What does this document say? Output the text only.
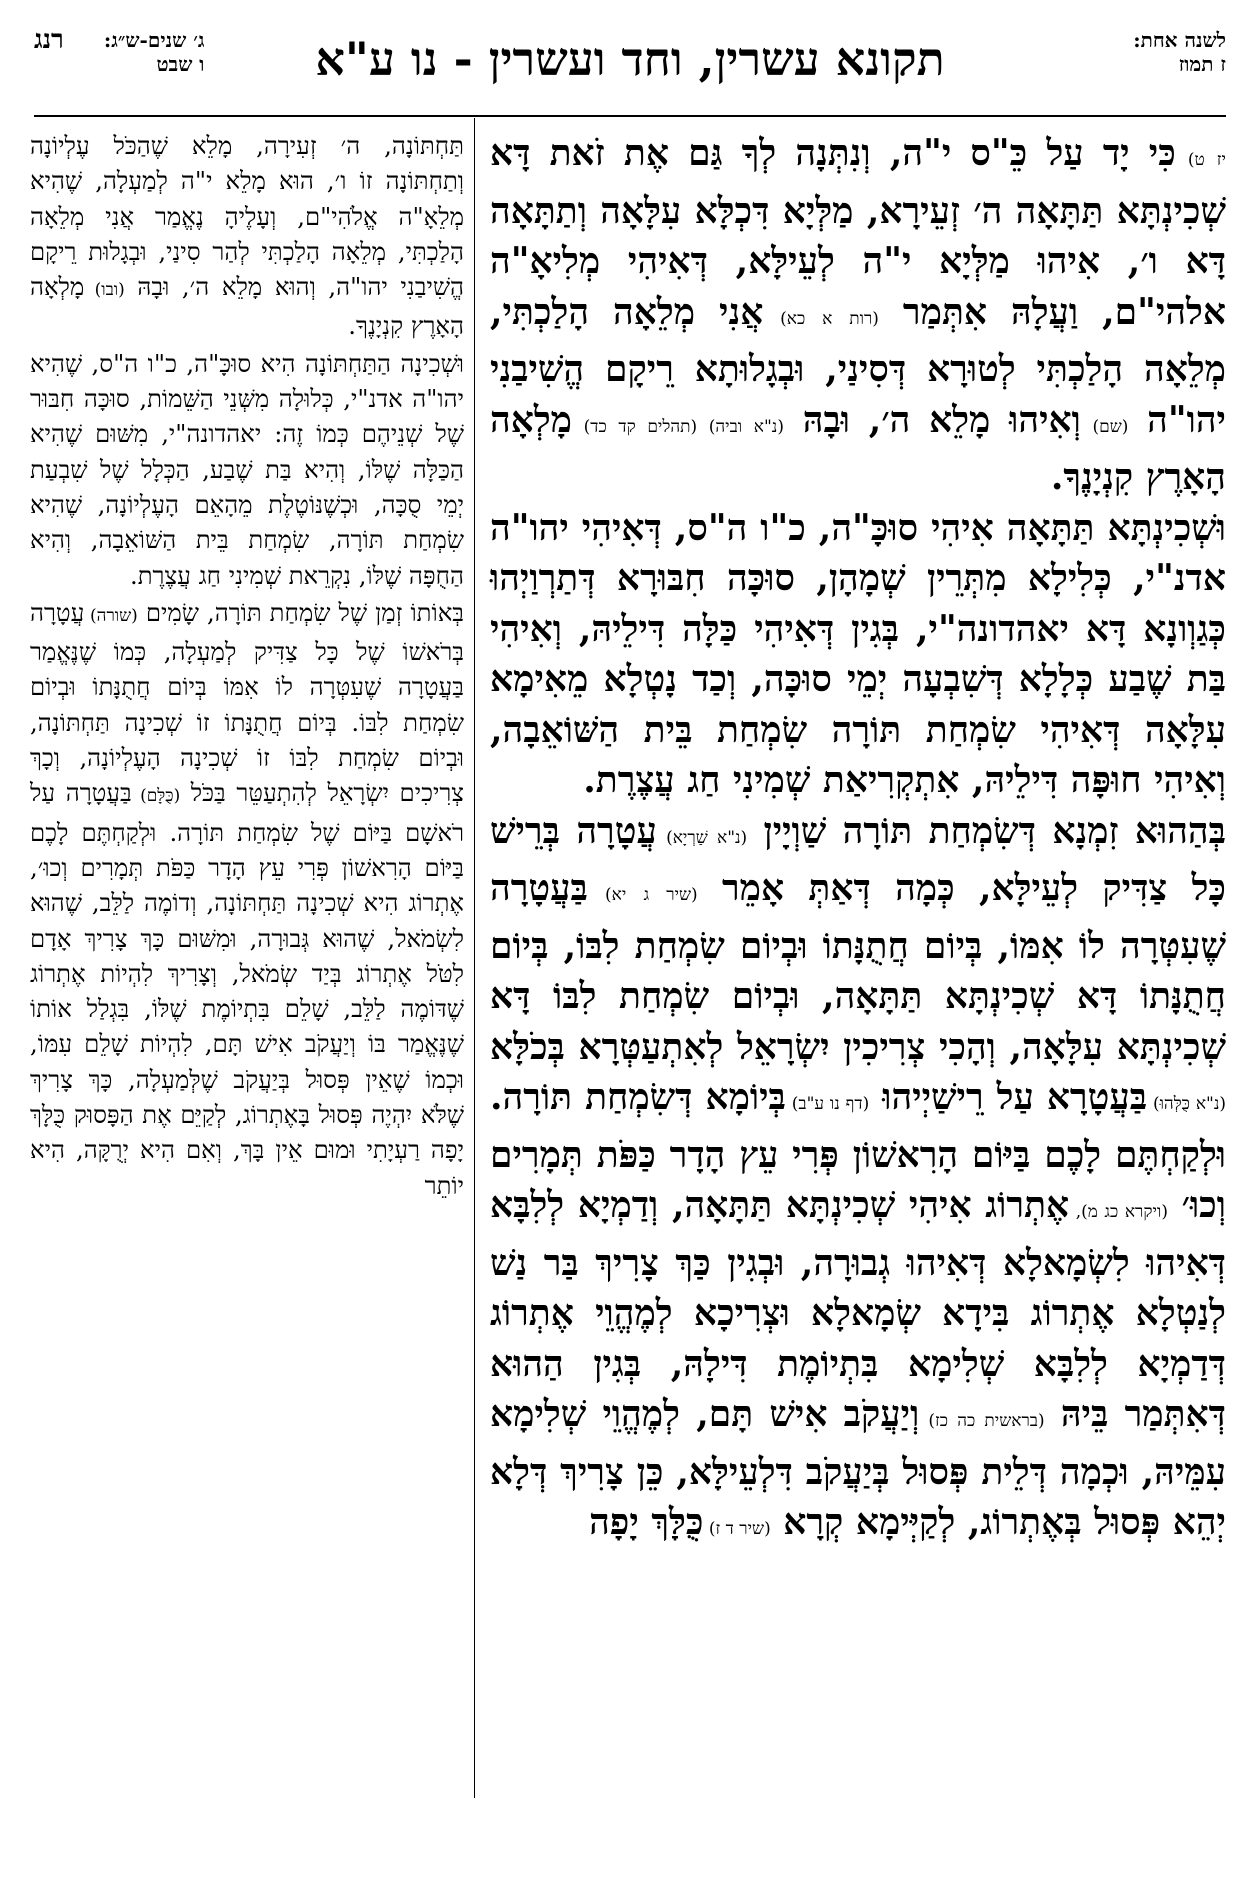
לשנה אחת:
ז תמוז
תקונא עשרין, וחד ועשרין - נו ע"א
רנג ג׳ שנים-ש״ג:
ו שבט

יז ט) כִּי יָד עַל כֵּ"ס י"ה, וְנִתְּנָה לְךָ גַּם אֶת זֹאת דָּא שְׁכִינְתָּא תַּתָּאָה ה׳ זְעֵירָא, מַלְּיָא דִּכְלָּא עִלָּאָה וְתַתָּאָה דָּא ו׳, אִיהוּ מַלְּיָא י"ה לְעֵילָּא, דְּאִיהִי מְלִיאָ"ה אלהי"ם, וַעֲלָהּ אִתְּמַר (רות א כא) אֲנִי מְלֵאָה הָלַכְתִּי, מְלֵאָה הָלַכְתִּי לְטוּרָא דְּסִינַי, וּבְגָלוּתָא רֵיקָם הֱשִׁיבַנִי יהו"ה (שם) וְאִיהוּ מָלֵא ה׳, וּבָהּ (נ"א וביה) (תהלים קד כד) מָלְאָה הָאָרֶץ קִנְיָנֶךָ.

וּשְׁכִינְתָּא תַּתָּאָה אִיהִי סוּכָּ"ה, כ"ו ה"ס, דְּאִיהִי יהו"ה אדנ"י, כְּלִילָא מִתְּרֵין שְׁמָהָן, סוּכָּה חִבּוּרָא דְּתַרְוַיְהוּ כְּגַוְונָא דָּא יאהדונה"י, בְּגִין דְּאִיהִי כַּלָּה דִּילֵיהּ, וְאִיהִי בַּת שֶׁבַע כְּלָלָא דְּשִׁבְעָה יְמֵי סוּכָּה, וְכַד נָטְלָא מֵאִימָא עִלָּאָה דְּאִיהִי שִׂמְחַת תּוֹרָה שִׂמְחַת בֵּית הַשּׁוֹאֵבָה, וְאִיהִי חוּפָּה דִּילֵיהּ, אִתְקְרִיאַת שְׁמִינִי חַג עֲצֶרֶת.

בְּהַהוּא זִמְנָא דְּשִׂמְחַת תּוֹרָה שַׁוְיָין (נ"א שַׁרְיָא) עֲטָרָה בְּרֵישׁ כָּל צַדִּיק לְעֵילָּא, כְּמָה דְּאַתְּ אָמֵר (שיר ג יא) בַּעֲטָרָה שֶׁעִטְּרָה לוֹ אִמּוֹ, בְּיוֹם חֲתֻנָּתוֹ וּבְיוֹם שִׂמְחַת לִבּוֹ, בְּיוֹם חֲתֻנָּתוֹ דָּא שְׁכִינְתָּא תַּתָּאָה, וּבְיוֹם שִׂמְחַת לִבּוֹ דָּא שְׁכִינְתָּא עִלָּאָה, וְהָכִי צְרִיכִין יִשְׂרָאֵל לְאִתְעַטְּרָא בְּכֹלָּא (נ"א כֻּלְּהוּ) בַּעֲטָרָא עַל רֵישַׁיְיהוּ (דף נו ע"ב) בְּיוֹמָא דְּשִׂמְחַת תּוֹרָה. וּלְקַחְתֶּם לָכֶם בַּיּוֹם הָרִאשׁוֹן פְּרִי עֵץ הָדָר כַּפֹּת תְּמָרִים וְכוּ׳ (ויקרא כג מ), אֶתְרוֹג אִיהִי שְׁכִינְתָּא תַּתָּאָה, וְדַמְיָא לְלִבָּא דְּאִיהוּ לִשְׂמָאלָא דְּאִיהוּ גְבוּרָה, וּבְגִין כַּךְ צָרִיךְ בַּר נַשׁ לְנַטְלָא אֶתְרוֹג בִּידָא שְׂמָאלָא וּצְרִיכָא לְמֶהֱוֵי אֶתְרוֹג דְּדַמְיָא לְלִבָּא שְׁלִימָא בִּתְיוֹמֶת דִּילָהּ, בְּגִין הַהוּא דְּאִתְּמַר בֵּיהּ (בראשית כה כז) וְיַעֲקֹב אִישׁ תָּם, לְמֶהֱוֵי שְׁלִימָא עִמֵּיהּ, וּכְמָה דְּלֵית פְּסוּל בְּיַעֲקֹב דִּלְעֵילָּא, כֵּן צָרִיךְ דְּלָא יְהֵא פְּסוּל בְּאֶתְרוֹג, לְקַיְּימָא קְרָא (שיר ד ז) כֻּלָּךְ יָפָה

תַּחְתּוֹנָה, ה׳ זְעִירָה, מָלֵא שֶׁהַכֹּל עֶלְיוֹנָה וְתַחְתּוֹנָה זוֹ ו׳, הוּא מָלֵא י"ה לְמַעְלָה, שֶׁהִיא מְלֵאָ"ה אֱלֹהִי"ם, וְעָלֶיהָ נֶאֱמַר אֲנִי מְלֵאָה הָלַכְתִּי, מְלֵאָה הָלַכְתִּי לְהַר סִינַי, וּבְגָלוּת רֵיקָם הֱשִׁיבַנִי יהו"ה, וְהוּא מָלֵא ה׳, וּבָהּ (ובו) מָלְאָה הָאָרֶץ קִנְיָנֶךָ.

וּשְׁכִינָה הַתַּחְתּוֹנָה הִיא סוּכָּ"ה, כ"ו ה"ס, שֶׁהִיא יהו"ה אדנ"י, כְּלוּלָה מִשְּׁנֵי הַשֵּׁמוֹת, סוּכָּה חִבּוּר שֶׁל שְׁנֵיהֶם כְּמוֹ זֶה: יאהדונה"י, מִשּׁוּם שֶׁהִיא הַכַּלָּה שֶׁלּוֹ, וְהִיא בַּת שֶׁבַע, הַכְּלָל שֶׁל שִׁבְעַת יְמֵי סֻכָּה, וּכְשֶׁנּוֹטֶלֶת מֵהָאֵם הָעֶלְיוֹנָה, שֶׁהִיא שִׂמְחַת תּוֹרָה, שִׂמְחַת בֵּית הַשּׁוֹאֵבָה, וְהִיא הַחֻפָּה שֶׁלּוֹ, נִקְרֵאת שְׁמִינִי חַג עֲצֶרֶת.

בְּאוֹתוֹ זְמַן שֶׁל שִׂמְחַת תּוֹרָה, שָׂמִים (שורה) עֲטָרָה בְּרֹאשׁוֹ שֶׁל כָּל צַדִּיק לְמַעְלָה, כְּמוֹ שֶׁנֶּאֱמַר בַּעֲטָרָה שֶׁעִטְּרָה לוֹ אִמּוֹ בְּיוֹם חֲתֻנָּתוֹ וּבְיוֹם שִׂמְחַת לִבּוֹ. בְּיוֹם חֲתֻנָּתוֹ זוֹ שְׁכִינָה תַּחְתּוֹנָה, וּבְיוֹם שִׂמְחַת לִבּוֹ זוֹ שְׁכִינָה הָעֶלְיוֹנָה, וְכָךְ צְרִיכִים יִשְׂרָאֵל לְהִתְעַטֵּר בַּכֹּל (כֻּלָּם) בַּעֲטָרָה עַל רֹאשָׁם בַּיּוֹם שֶׁל שִׂמְחַת תּוֹרָה. וּלְקַחְתֶּם לָכֶם בַּיּוֹם הָרִאשׁוֹן פְּרִי עֵץ הָדָר כַּפֹּת תְּמָרִים וְכוּ׳, אֶתְרוֹג הִיא שְׁכִינָה תַּחְתּוֹנָה, וְדוֹמֶה לַלֵּב, שֶׁהוּא לִשְׂמֹאל, שֶׁהוּא גְּבוּרָה, וּמִשּׁוּם כָּךְ צָרִיךְ אָדָם לִטֹּל אֶתְרוֹג בְּיַד שְׂמֹאל, וְצָרִיךְ לִהְיוֹת אֶתְרוֹג שֶׁדּוֹמֶה לַלֵּב, שָׁלֵם בִּתְיוֹמֶת שֶׁלּוֹ, בִּגְלַל אוֹתוֹ שֶׁנֶּאֱמַר בּוֹ וְיַעֲקֹב אִישׁ תָּם, לִהְיוֹת שָׁלֵם עִמּוֹ, וּכְמוֹ שֶׁאֵין פְּסוּל בְּיַעֲקֹב שֶׁלְּמַעְלָה, כָּךְ צָרִיךְ שֶׁלֹּא יִהְיֶה פְּסוּל בָּאֶתְרוֹג, לְקַיֵּם אֶת הַפָּסוּק כֻּלָּךְ יָפָה רַעְיָתִי וּמוּם אֵין בָּךְ, וְאִם הִיא יְרֻקָּה, הִיא יוֹתֵר
